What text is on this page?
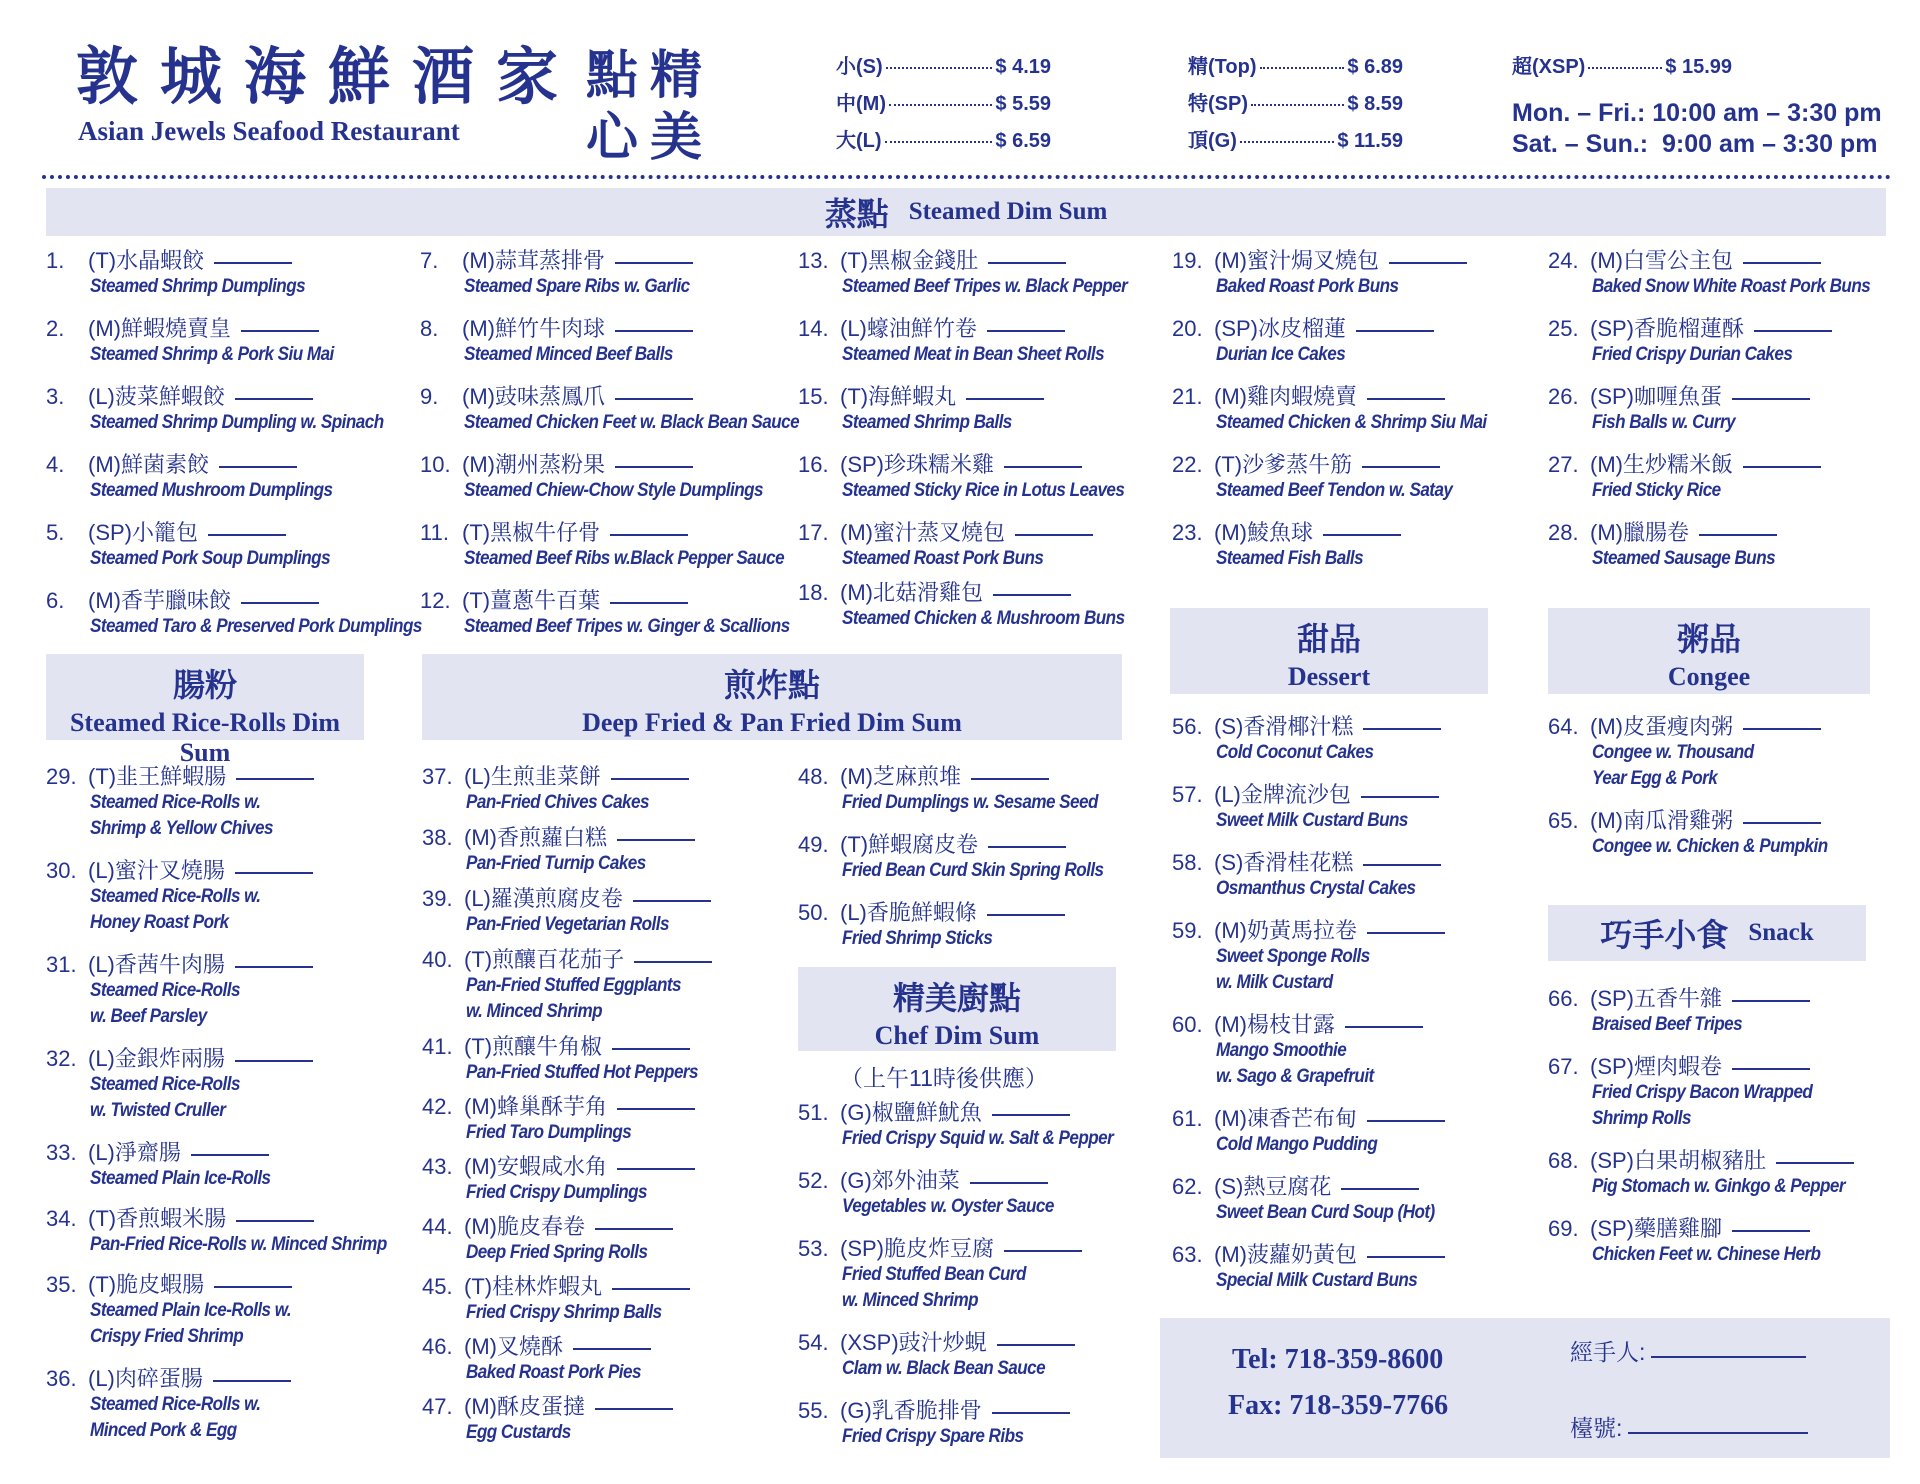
敦城海鮮酒家
Asian Jewels Seafood Restaurant
點 精
心 美
小(S)	$ 4.19
中(M)	$ 5.59
大(L)	$ 6.59
精(Top)	$ 6.89
特(SP)	$ 8.59
頂(G)	$ 11.59
超(XSP)	$ 15.99
Mon. – Fri.: 10:00 am – 3:30 pm
Sat. – Sun.:  9:00 am – 3:30 pm
蒸點 Steamed Dim Sum
腸粉
Steamed Rice-Rolls Dim Sum
煎炸點
Deep Fried & Pan Fried Dim Sum
精美廚點
Chef Dim Sum
（上午11時後供應）
甜品
Dessert
粥品
Congee
巧手小食 Snack
1. (T)水晶蝦餃
Steamed Shrimp Dumplings
2. (M)鮮蝦燒賣皇
Steamed Shrimp & Pork Siu Mai
3. (L)菠菜鮮蝦餃
Steamed Shrimp Dumpling w. Spinach
4. (M)鮮菌素餃
Steamed Mushroom Dumplings
5. (SP)小籠包
Steamed Pork Soup Dumplings
6. (M)香芋臘味餃
Steamed Taro & Preserved Pork Dumplings
7. (M)蒜茸蒸排骨
Steamed Spare Ribs w. Garlic
8. (M)鮮竹牛肉球
Steamed Minced Beef Balls
9. (M)豉味蒸鳳爪
Steamed Chicken Feet w. Black Bean Sauce
10. (M)潮州蒸粉果
Steamed Chiew-Chow Style Dumplings
11. (T)黑椒牛仔骨
Steamed Beef Ribs w.Black Pepper Sauce
12. (T)薑蔥牛百葉
Steamed Beef Tripes w. Ginger & Scallions
13. (T)黑椒金錢肚
Steamed Beef Tripes w. Black Pepper
14. (L)蠔油鮮竹卷
Steamed Meat in Bean Sheet Rolls
15. (T)海鮮蝦丸
Steamed Shrimp Balls
16. (SP)珍珠糯米雞
Steamed Sticky Rice in Lotus Leaves
17. (M)蜜汁蒸叉燒包
Steamed Roast Pork Buns
18. (M)北菇滑雞包
Steamed Chicken & Mushroom Buns
19. (M)蜜汁焗叉燒包
Baked Roast Pork Buns
20. (SP)冰皮榴蓮
Durian Ice Cakes
21. (M)雞肉蝦燒賣
Steamed Chicken & Shrimp Siu Mai
22. (T)沙爹蒸牛筋
Steamed Beef Tendon w. Satay
23. (M)鯪魚球
Steamed Fish Balls
24. (M)白雪公主包
Baked Snow White Roast Pork Buns
25. (SP)香脆榴蓮酥
Fried Crispy Durian Cakes
26. (SP)咖喱魚蛋
Fish Balls w. Curry
27. (M)生炒糯米飯
Fried Sticky Rice
28. (M)臘腸卷
Steamed Sausage Buns
29. (T)韭王鮮蝦腸
Steamed Rice-Rolls w.
Shrimp & Yellow Chives
30. (L)蜜汁叉燒腸
Steamed Rice-Rolls w.
Honey Roast Pork
31. (L)香茜牛肉腸
Steamed Rice-Rolls
w. Beef Parsley
32. (L)金銀炸兩腸
Steamed Rice-Rolls
w. Twisted Cruller
33. (L)淨齋腸
Steamed Plain Ice-Rolls
34. (T)香煎蝦米腸
Pan-Fried Rice-Rolls w. Minced Shrimp
35. (T)脆皮蝦腸
Steamed Plain Ice-Rolls w.
Crispy Fried Shrimp
36. (L)肉碎蛋腸
Steamed Rice-Rolls w.
Minced Pork & Egg
37. (L)生煎韭菜餅
Pan-Fried Chives Cakes
38. (M)香煎蘿白糕
Pan-Fried Turnip Cakes
39. (L)羅漢煎腐皮卷
Pan-Fried Vegetarian Rolls
40. (T)煎釀百花茄子
Pan-Fried Stuffed Eggplants
w. Minced Shrimp
41. (T)煎釀牛角椒
Pan-Fried Stuffed Hot Peppers
42. (M)蜂巢酥芋角
Fried Taro Dumplings
43. (M)安蝦咸水角
Fried Crispy Dumplings
44. (M)脆皮春卷
Deep Fried Spring Rolls
45. (T)桂林炸蝦丸
Fried Crispy Shrimp Balls
46. (M)叉燒酥
Baked Roast Pork Pies
47. (M)酥皮蛋撻
Egg Custards
48. (M)芝麻煎堆
Fried Dumplings w. Sesame Seed
49. (T)鮮蝦腐皮卷
Fried Bean Curd Skin Spring Rolls
50. (L)香脆鮮蝦條
Fried Shrimp Sticks
51. (G)椒鹽鮮魷魚
Fried Crispy Squid w. Salt & Pepper
52. (G)郊外油菜
Vegetables w. Oyster Sauce
53. (SP)脆皮炸豆腐
Fried Stuffed Bean Curd
w. Minced Shrimp
54. (XSP)豉汁炒蜆
Clam w. Black Bean Sauce
55. (G)乳香脆排骨
Fried Crispy Spare Ribs
56. (S)香滑椰汁糕
Cold Coconut Cakes
57. (L)金牌流沙包
Sweet Milk Custard Buns
58. (S)香滑桂花糕
Osmanthus Crystal Cakes
59. (M)奶黃馬拉卷
Sweet Sponge Rolls
w. Milk Custard
60. (M)楊枝甘露
Mango Smoothie
w. Sago & Grapefruit
61. (M)凍香芒布甸
Cold Mango Pudding
62. (S)熱豆腐花
Sweet Bean Curd Soup (Hot)
63. (M)菠蘿奶黃包
Special Milk Custard Buns
64. (M)皮蛋瘦肉粥
Congee w. Thousand
Year Egg & Pork
65. (M)南瓜滑雞粥
Congee w. Chicken & Pumpkin
66. (SP)五香牛雜
Braised Beef Tripes
67. (SP)煙肉蝦卷
Fried Crispy Bacon Wrapped
Shrimp Rolls
68. (SP)白果胡椒豬肚
Pig Stomach w. Ginkgo & Pepper
69. (SP)藥膳雞腳
Chicken Feet w. Chinese Herb
Tel: 718-359-8600
Fax: 718-359-7766
經手人:
檯號:
